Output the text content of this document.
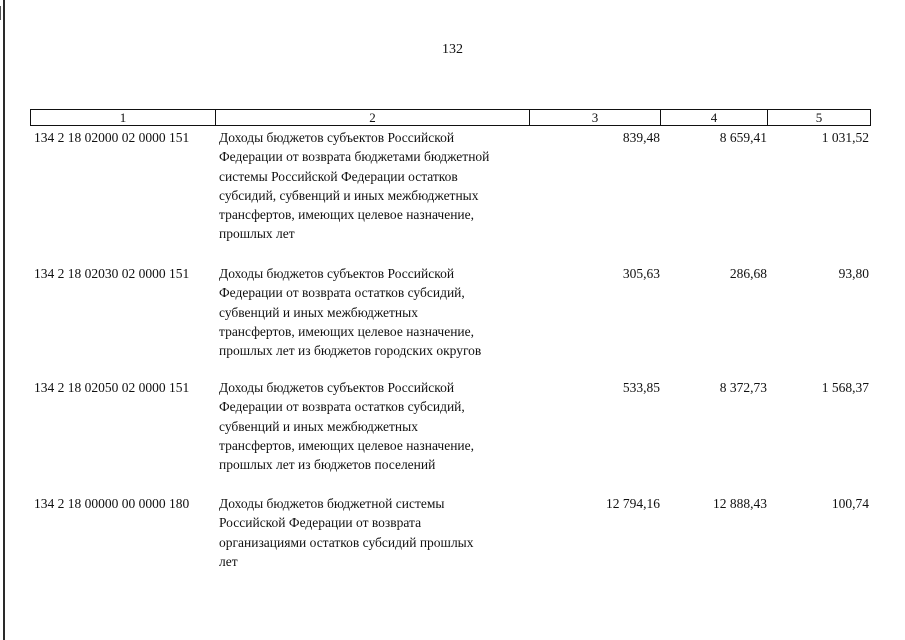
132
1	2	3	4	5
134 2 18 02000 02 0000 151 Доходы бюджетов субъектов Российской
Федерации от возврата бюджетами бюджетной
системы Российской Федерации остатков
субсидий, субвенций и иных межбюджетных
трансфертов, имеющих целевое назначение,
прошлых лет
839,48	8 659,41	1 031,52
134 2 18 02030 02 0000 151 Доходы бюджетов субъектов Российской
Федерации от возврата остатков субсидий,
субвенций и иных межбюджетных
трансфертов, имеющих целевое назначение,
прошлых лет из бюджетов городских округов
305,63	286,68	93,80
134 2 18 02050 02 0000 151 Доходы бюджетов субъектов Российской
Федерации от возврата остатков субсидий,
субвенций и иных межбюджетных
трансфертов, имеющих целевое назначение,
прошлых лет из бюджетов поселений
533,85	8 372,73	1 568,37
134 2 18 00000 00 0000 180 Доходы бюджетов бюджетной системы
Российской Федерации от возврата
организациями остатков субсидий прошлых
лет
12 794,16	12 888,43	100,74
